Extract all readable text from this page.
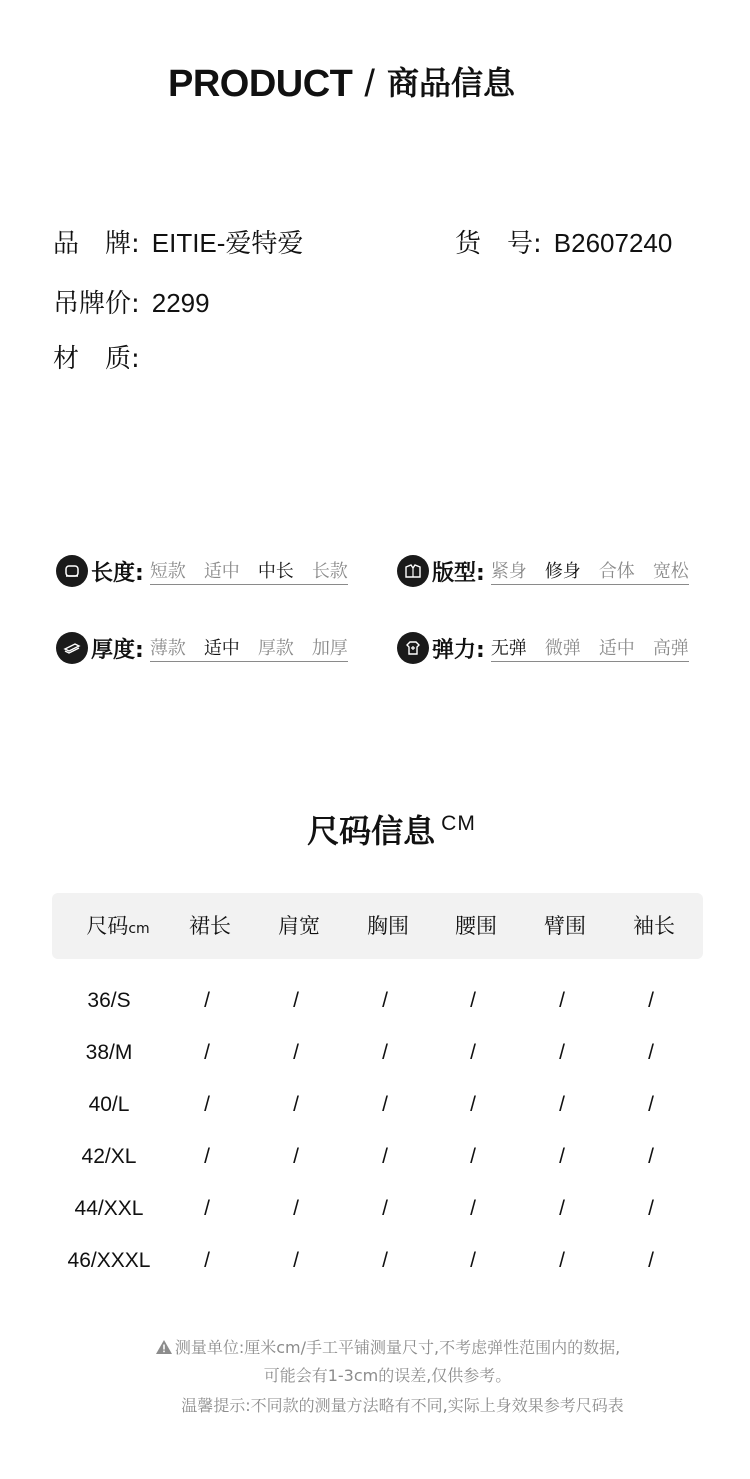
PRODUCT / 商品信息
品　牌: EITIE-爱特爱	货　号: B2607240
吊牌价: 2299
材　质:
长度: 短款 适中 中长 长款	版型: 紧身 修身 合体 宽松
厚度: 薄款 适中 厚款 加厚	弹力: 无弹 微弹 适中 高弹
尺码信息 CM
尺码cm	裙长	肩宽	胸围	腰围	臂围	袖长
36/S	/	/	/	/	/	/
38/M	/	/	/	/	/	/
40/L	/	/	/	/	/	/
42/XL	/	/	/	/	/	/
44/XXL	/	/	/	/	/	/
46/XXXL	/	/	/	/	/	/
测量单位:厘米cm/手工平铺测量尺寸,不考虑弹性范围内的数据,
可能会有1-3cm的误差,仅供参考。
温馨提示:不同款的测量方法略有不同,实际上身效果参考尺码表
